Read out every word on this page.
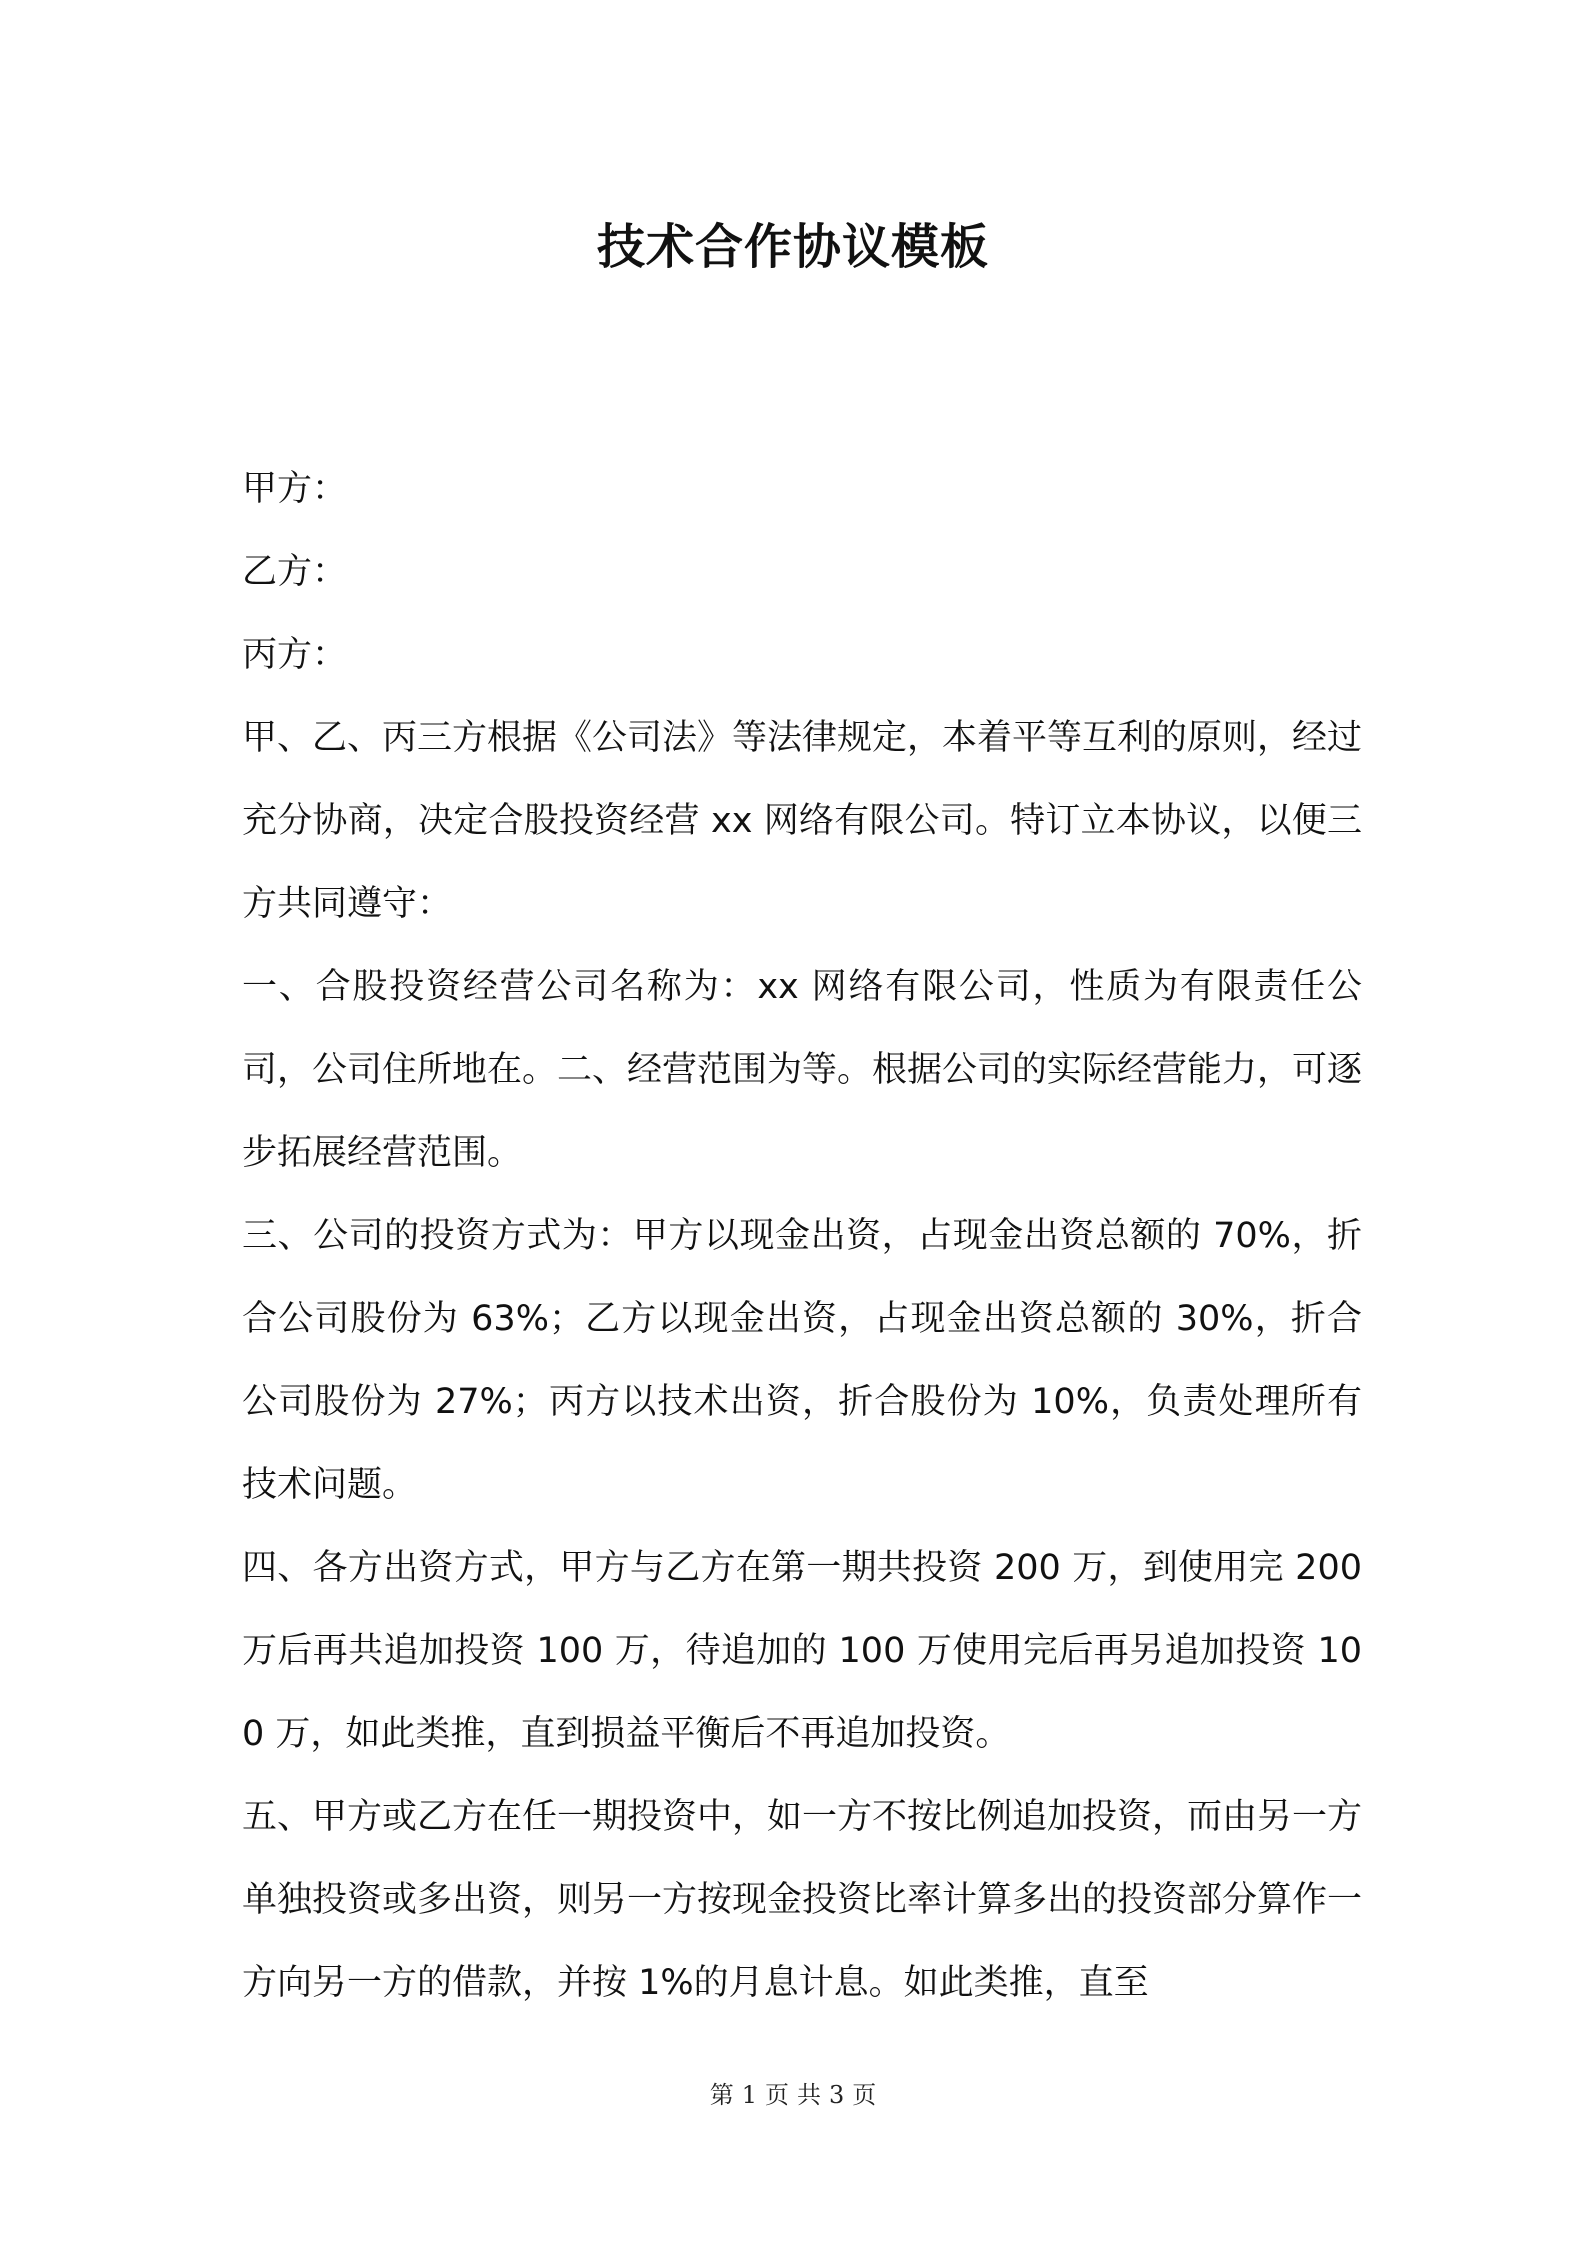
技术合作协议模板

甲方：

乙方：

丙方：

甲、乙、丙三方根据《公司法》等法律规定，本着平等互利的原则，经过充分协商，决定合股投资经营 xx 网络有限公司。特订立本协议，以便三方共同遵守：

一、合股投资经营公司名称为：xx 网络有限公司，性质为有限责任公司，公司住所地在。二、经营范围为等。根据公司的实际经营能力，可逐步拓展经营范围。

三、公司的投资方式为：甲方以现金出资，占现金出资总额的 70%，折合公司股份为 63%；乙方以现金出资，占现金出资总额的 30%，折合公司股份为 27%；丙方以技术出资，折合股份为 10%，负责处理所有技术问题。

四、各方出资方式，甲方与乙方在第一期共投资 200 万，到使用完 200 万后再共追加投资 100 万，待追加的 100 万使用完后再另追加投资 100 万，如此类推，直到损益平衡后不再追加投资。

五、甲方或乙方在任一期投资中，如一方不按比例追加投资，而由另一方单独投资或多出资，则另一方按现金投资比率计算多出的投资部分算作一方向另一方的借款，并按 1%的月息计息。如此类推，直至

第 1 页 共 3 页
